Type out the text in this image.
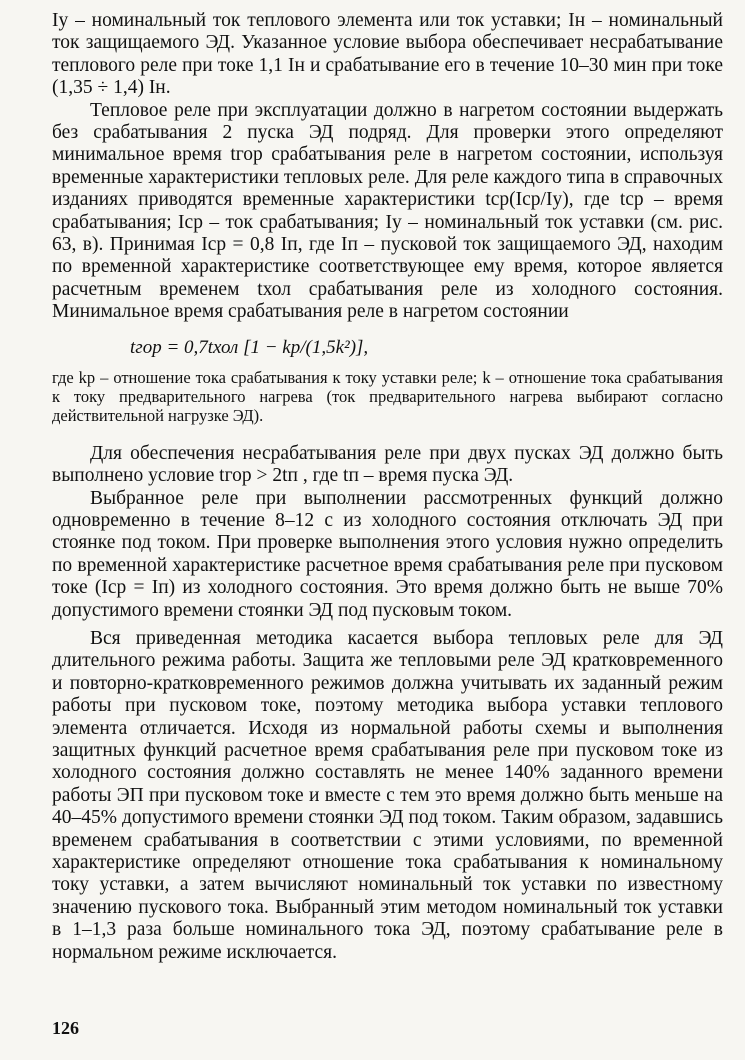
Iу – номинальный ток теплового элемента или ток уставки; Iн – номинальный ток защищаемого ЭД. Указанное условие выбора обеспечивает несрабатывание теплового реле при токе 1,1 Iн и срабатывание его в течение 10–30 мин при токе (1,35 ÷ 1,4) Iн.

Тепловое реле при эксплуатации должно в нагретом состоянии выдержать без срабатывания 2 пуска ЭД подряд. Для проверки этого определяют минимальное время tгор срабатывания реле в нагретом состоянии, используя временные характеристики тепловых реле. Для реле каждого типа в справочных изданиях приводятся временные характеристики tср(Iср/Iу), где tср – время срабатывания; Iср – ток срабатывания; Iу – номинальный ток уставки (см. рис. 63, в). Принимая Iср = 0,8 Iп, где Iп – пусковой ток защищаемого ЭД, находим по временной характеристике соответствующее ему время, которое является расчетным временем tхол срабатывания реле из холодного состояния. Минимальное время срабатывания реле в нагретом состоянии

tгор = 0,7tхол [1 − kр/(1,5k²)],

где kр – отношение тока срабатывания к току уставки реле; k – отношение тока срабатывания к току предварительного нагрева (ток предварительного нагрева выбирают согласно действительной нагрузке ЭД).

Для обеспечения несрабатывания реле при двух пусках ЭД должно быть выполнено условие tгор > 2tп , где tп – время пуска ЭД.

Выбранное реле при выполнении рассмотренных функций должно одновременно в течение 8–12 с из холодного состояния отключать ЭД при стоянке под током. При проверке выполнения этого условия нужно определить по временной характеристике расчетное время срабатывания реле при пусковом токе (Iср = Iп) из холодного состояния. Это время должно быть не выше 70% допустимого времени стоянки ЭД под пусковым током.

Вся приведенная методика касается выбора тепловых реле для ЭД длительного режима работы. Защита же тепловыми реле ЭД кратковременного и повторно-кратковременного режимов должна учитывать их заданный режим работы при пусковом токе, поэтому методика выбора уставки теплового элемента отличается. Исходя из нормальной работы схемы и выполнения защитных функций расчетное время срабатывания реле при пусковом токе из холодного состояния должно составлять не менее 140% заданного времени работы ЭП при пусковом токе и вместе с тем это время должно быть меньше на 40–45% допустимого времени стоянки ЭД под током. Таким образом, задавшись временем срабатывания в соответствии с этими условиями, по временной характеристике определяют отношение тока срабатывания к номинальному току уставки, а затем вычисляют номинальный ток уставки по известному значению пускового тока. Выбранный этим методом номинальный ток уставки в 1–1,3 раза больше номинального тока ЭД, поэтому срабатывание реле в нормальном режиме исключается.

126
